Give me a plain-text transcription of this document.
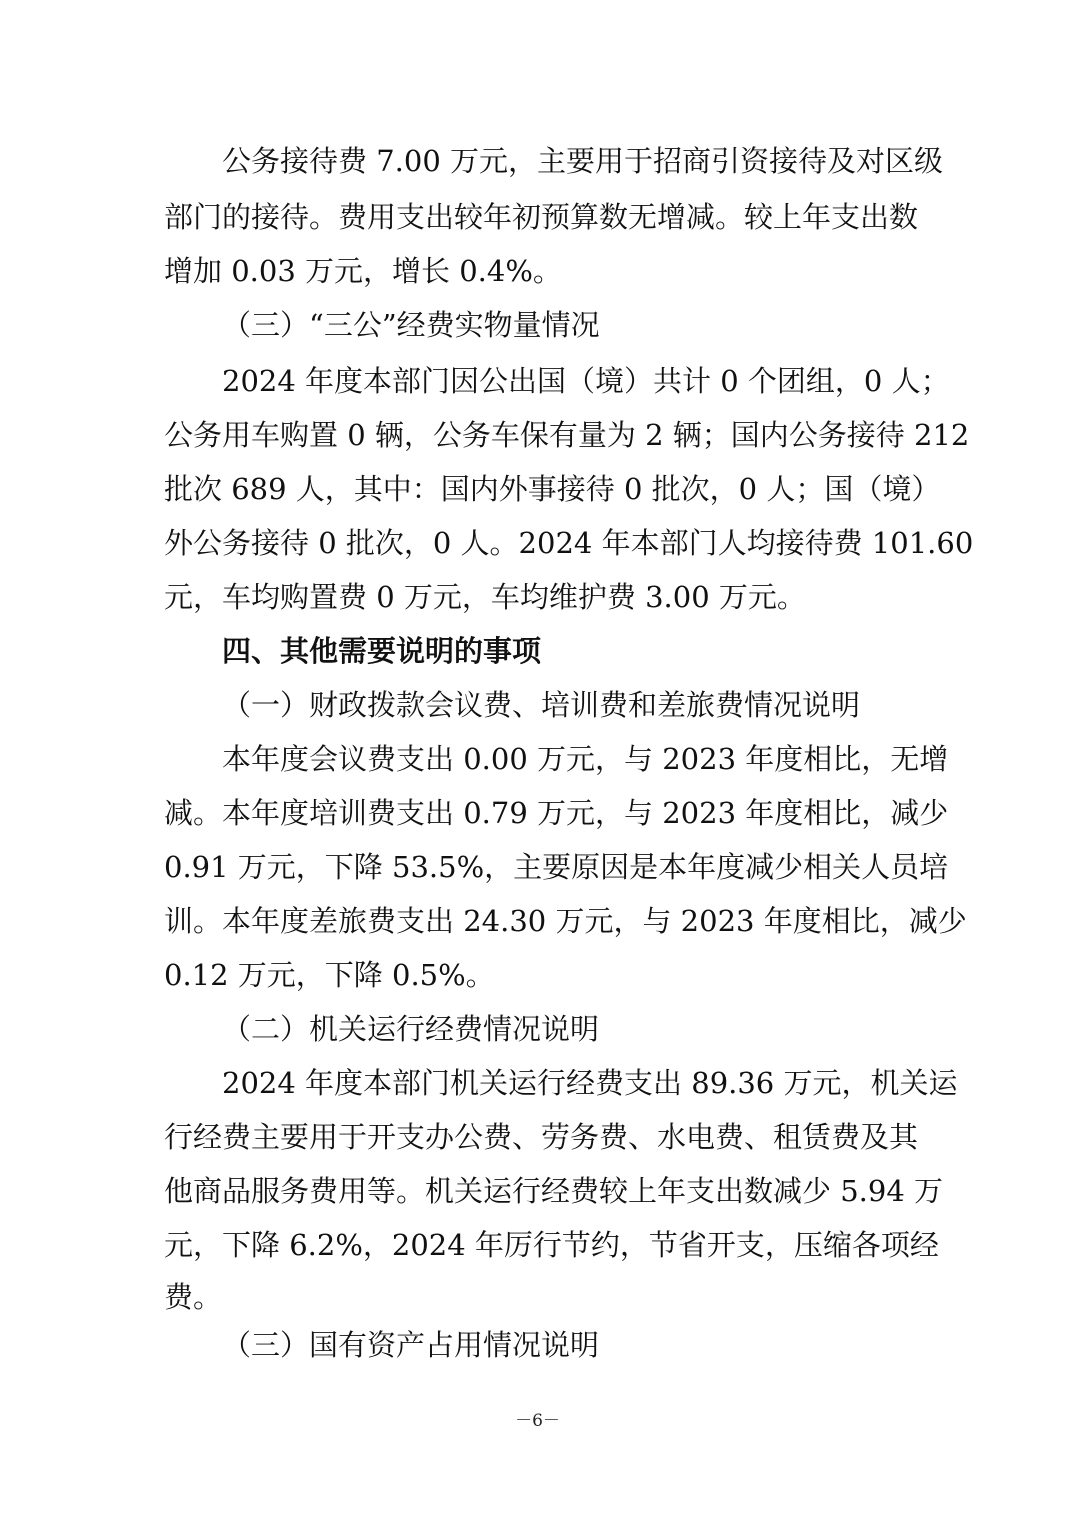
公务接待费 7.00 万元，主要用于招商引资接待及对区级
部门的接待。费用支出较年初预算数无增减。较上年支出数
增加 0.03 万元，增长 0.4%。
（三）“三公”经费实物量情况
2024 年度本部门因公出国（境）共计 0 个团组，0 人；
公务用车购置 0 辆，公务车保有量为 2 辆；国内公务接待 212
批次 689 人，其中：国内外事接待 0 批次，0 人；国（境）
外公务接待 0 批次，0 人。2024 年本部门人均接待费 101.60
元，车均购置费 0 万元，车均维护费 3.00 万元。
四、其他需要说明的事项
（一）财政拨款会议费、培训费和差旅费情况说明
本年度会议费支出 0.00 万元，与 2023 年度相比，无增
减。本年度培训费支出 0.79 万元，与 2023 年度相比，减少
0.91 万元，下降 53.5%，主要原因是本年度减少相关人员培
训。本年度差旅费支出 24.30 万元，与 2023 年度相比，减少
0.12 万元，下降 0.5%。
（二）机关运行经费情况说明
2024 年度本部门机关运行经费支出 89.36 万元，机关运
行经费主要用于开支办公费、劳务费、水电费、租赁费及其
他商品服务费用等。机关运行经费较上年支出数减少 5.94 万
元，下降 6.2%，2024 年厉行节约，节省开支，压缩各项经
费。
（三）国有资产占用情况说明
－6－
